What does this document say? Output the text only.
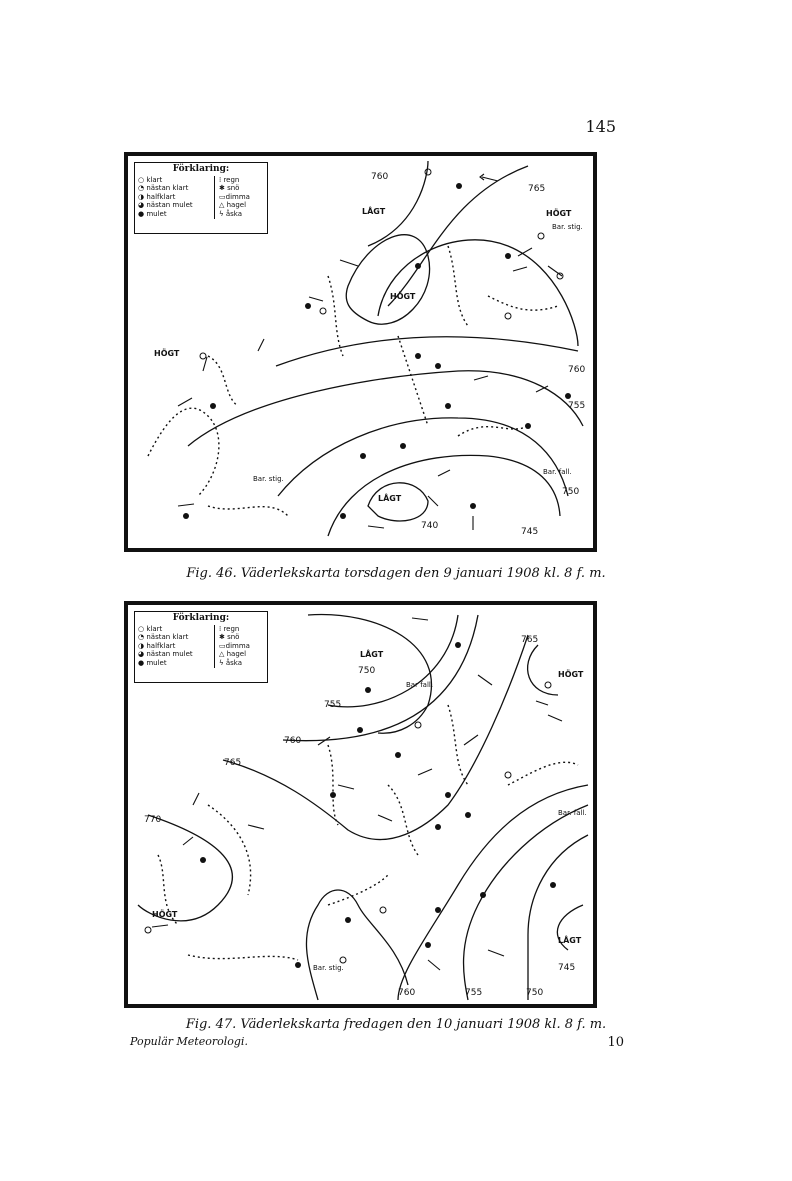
145
760
765
760
755
750
745
740
LÅGT	HÖGT
HÖGT
HÖGT
LÅGT
Bar. stig.
Bar. stig.
Bar. fall.
Förklaring:
○ klart
◔ nästan klart
◑ halfklart
◕ nästan mulet
● mulet
⁞ regn
✱ snö
▭dimma
△ hagel
ϟ åska
Fig. 46. Väderlekskarta torsdagen den 9 januari 1908 kl. 8 f. m.
765
750
755
760
765
770
745
760	755	750
LÅGT
HÖGT
HÖGT
LÅGT
Bar fall.
Bar. fall.
Bar. stig.
Förklaring:
○ klart
◔ nästan klart
◑ halfklart
◕ nästan mulet
● mulet
⁞ regn
✱ snö
▭dimma
△ hagel
ϟ åska
Fig. 47. Väderlekskarta fredagen den 10 januari 1908 kl. 8 f. m.
Populär Meteorologi.	10
